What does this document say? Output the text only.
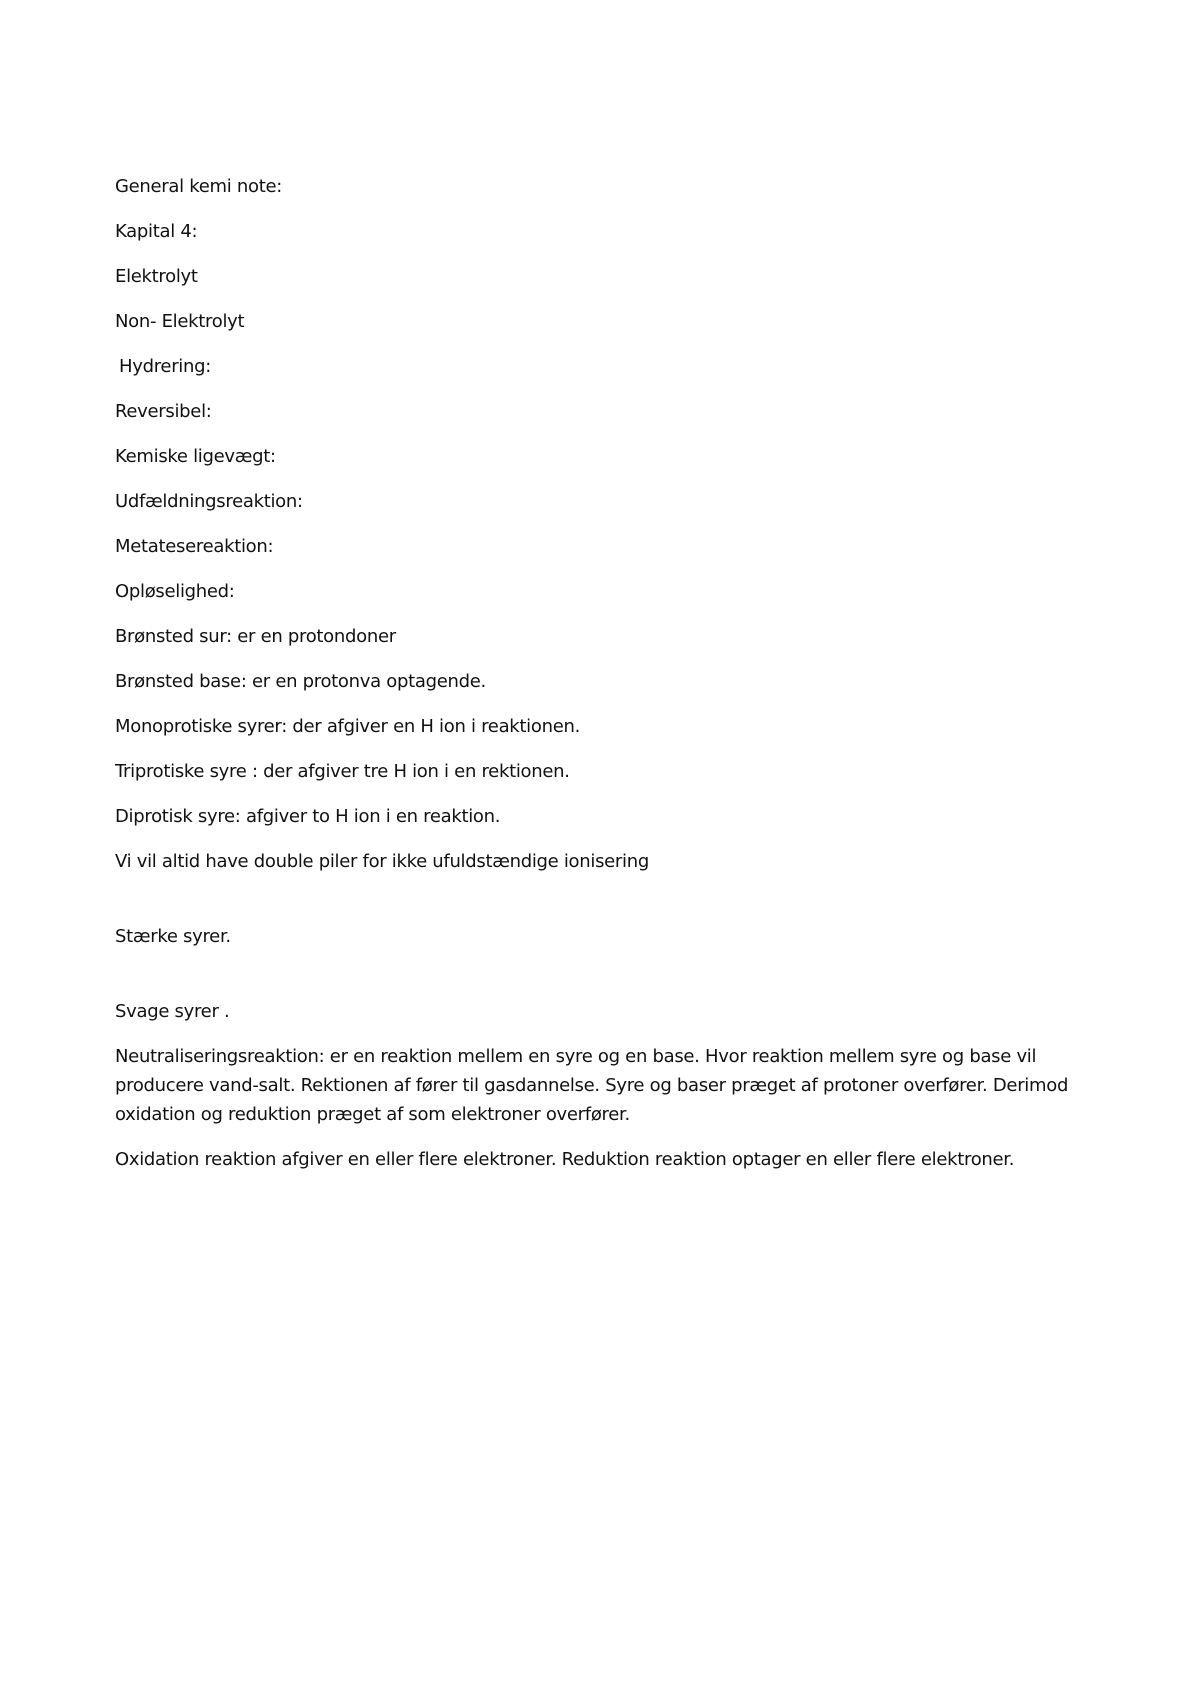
General kemi note:
Kapital 4:
Elektrolyt
Non- Elektrolyt
Hydrering:
Reversibel:
Kemiske ligevægt:
Udfældningsreaktion:
Metatesereaktion:
Opløselighed:
Brønsted sur: er en protondoner
Brønsted base: er en protonva optagende.
Monoprotiske syrer: der afgiver en H ion i reaktionen.
Triprotiske syre : der afgiver tre H ion i en rektionen.
Diprotisk syre: afgiver to H ion i en reaktion.
Vi vil altid have double piler for ikke ufuldstændige ionisering
Stærke syrer.
Svage syrer .
Neutraliseringsreaktion: er en reaktion mellem en syre og en base. Hvor reaktion mellem syre og base vil producere vand-salt. Rektionen af fører til gasdannelse. Syre og baser præget af protoner overfører. Derimod oxidation og reduktion præget af som elektroner overfører.
Oxidation reaktion afgiver en eller flere elektroner. Reduktion reaktion optager en eller flere elektroner.
